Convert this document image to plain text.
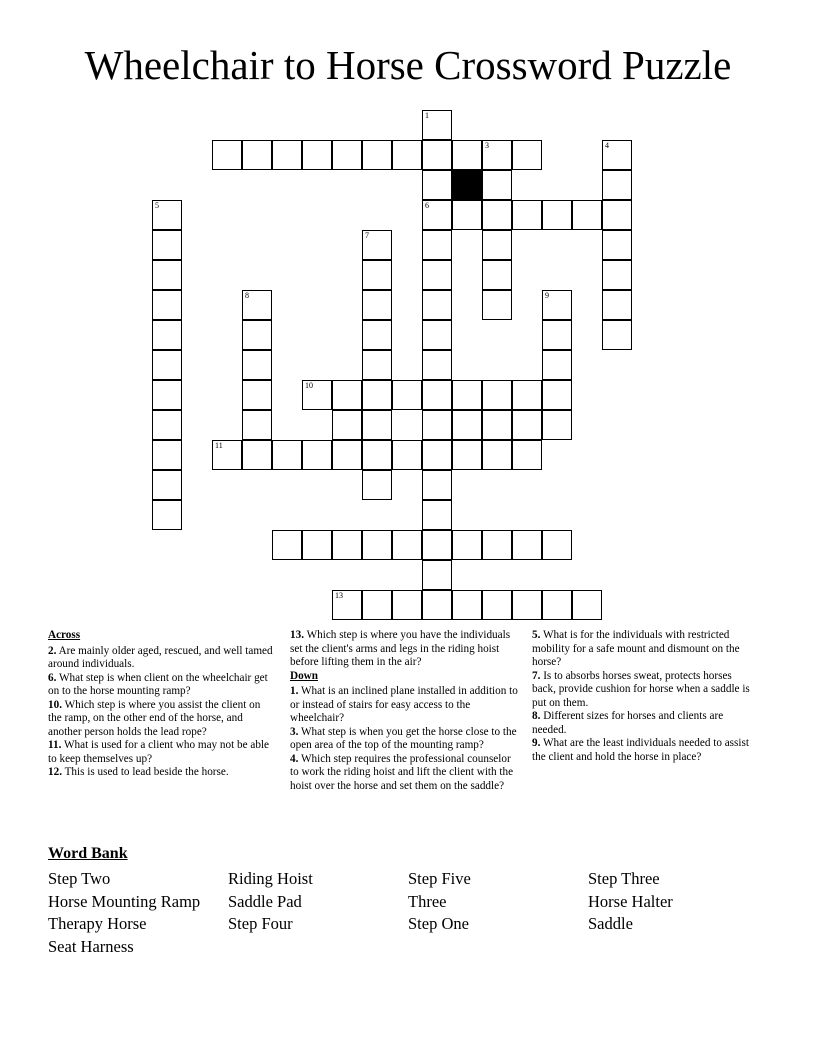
Wheelchair to Horse Crossword Puzzle
1
6
3	4
5
7
8	9
10
11
13
Across

2. Are mainly older aged, rescued, and well tamed around individuals.

6. What step is when client on the wheelchair get on to the horse mounting ramp?

10. Which step is where you assist the client on the ramp, on the other end of the horse, and another person holds the lead rope?

11. What is used for a client who may not be able to keep themselves up?

12. This is used to lead beside the horse.

13. Which step is where you have the individuals set the client's arms and legs in the riding hoist before lifting them in the air?

Down

1. What is an inclined plane installed in addition to or instead of stairs for easy access to the wheelchair?

3. What step is when you get the horse close to the open area of the top of the mounting ramp?

4. Which step requires the professional counselor to work the riding hoist and lift the client with the hoist over the horse and set them on the saddle?

5. What is for the individuals with restricted mobility for a safe mount and dismount on the horse?

7. Is to absorbs horses sweat, protects horses back, provide cushion for horse when a saddle is put on them.

8. Different sizes for horses and clients are needed.

9. What are the least individuals needed to assist the client and hold the horse in place?

Word Bank
Step Two	Riding Hoist	Step Five	Step Three
Horse Mounting Ramp	Saddle Pad	Three	Horse Halter
Therapy Horse	Step Four	Step One	Saddle
Seat Harness
